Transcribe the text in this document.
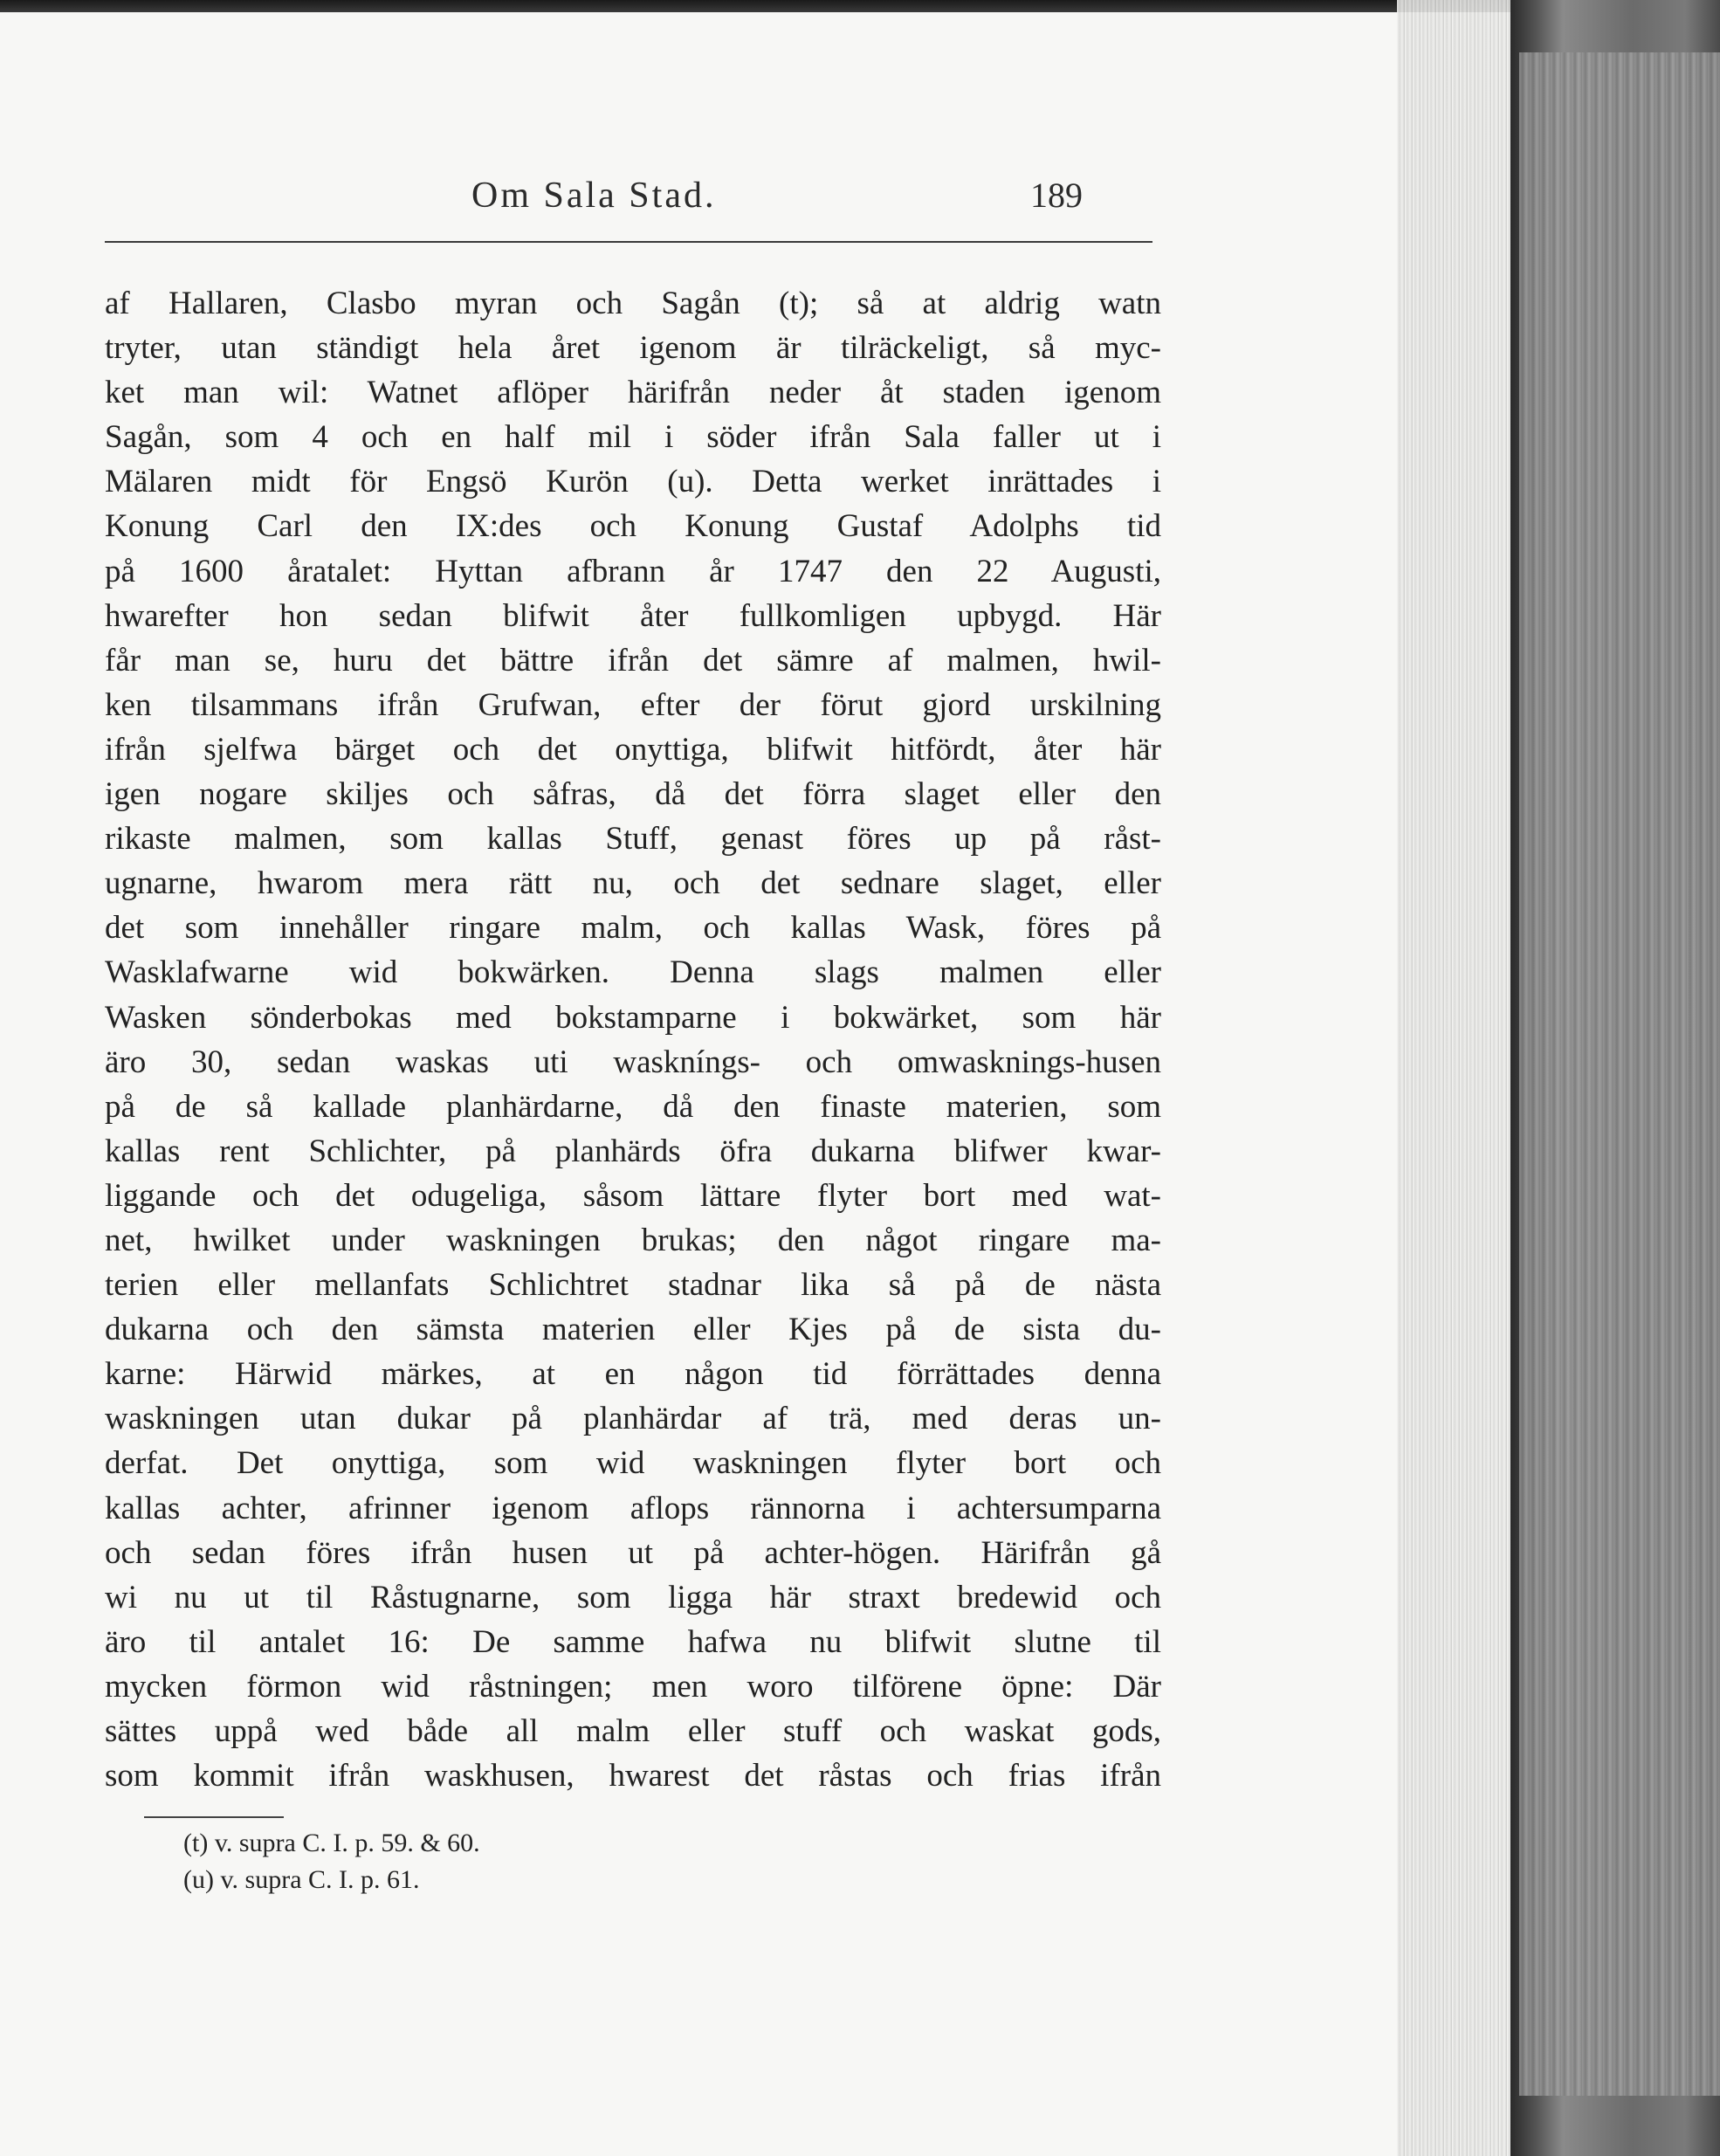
Om Sala Stad.	189
af Hallaren, Clasbo myran och Sagån (t); så at aldrig watn
tryter, utan ständigt hela året igenom är tilräckeligt, så myc-
ket man wil: Watnet aflöper härifrån neder åt staden igenom
Sagån, som 4 och en half mil i söder ifrån Sala faller ut i
Mälaren midt för Engsö Kurön (u). Detta werket inrättades i
Konung Carl den IX:des och Konung Gustaf Adolphs tid
på 1600 åratalet: Hyttan afbrann år 1747 den 22 Augusti,
hwarefter hon sedan blifwit åter fullkomligen upbygd. Här
får man se, huru det bättre ifrån det sämre af malmen, hwil-
ken tilsammans ifrån Grufwan, efter der förut gjord urskilning
ifrån sjelfwa bärget och det onyttiga, blifwit hitfördt, åter här
igen nogare skiljes och såfras, då det förra slaget eller den
rikaste malmen, som kallas Stuff, genast föres up på råst-
ugnarne, hwarom mera rätt nu, och det sednare slaget, eller
det som innehåller ringare malm, och kallas Wask, föres på
Wasklafwarne wid bokwärken. Denna slags malmen eller
Wasken sönderbokas med bokstamparne i bokwärket, som här
äro 30, sedan waskas uti waskníngs- och omwasknings-husen
på de så kallade planhärdarne, då den finaste materien, som
kallas rent Schlichter, på planhärds öfra dukarna blifwer kwar-
liggande och det odugeliga, såsom lättare flyter bort med wat-
net, hwilket under waskningen brukas; den något ringare ma-
terien eller mellanfats Schlichtret stadnar lika så på de nästa
dukarna och den sämsta materien eller Kjes på de sista du-
karne: Härwid märkes, at en någon tid förrättades denna
waskningen utan dukar på planhärdar af trä, med deras un-
derfat. Det onyttiga, som wid waskningen flyter bort och
kallas achter, afrinner igenom aflops rännorna i achtersumparna
och sedan föres ifrån husen ut på achter-högen. Härifrån gå
wi nu ut til Råstugnarne, som ligga här straxt bredewid och
äro til antalet 16: De samme hafwa nu blifwit slutne til
mycken förmon wid råstningen; men woro tilförene öpne: Där
sättes uppå wed både all malm eller stuff och waskat gods,
som kommit ifrån waskhusen, hwarest det råstas och frias ifrån
(t) v. supra C. I. p. 59. & 60.
(u) v. supra C. I. p. 61.
